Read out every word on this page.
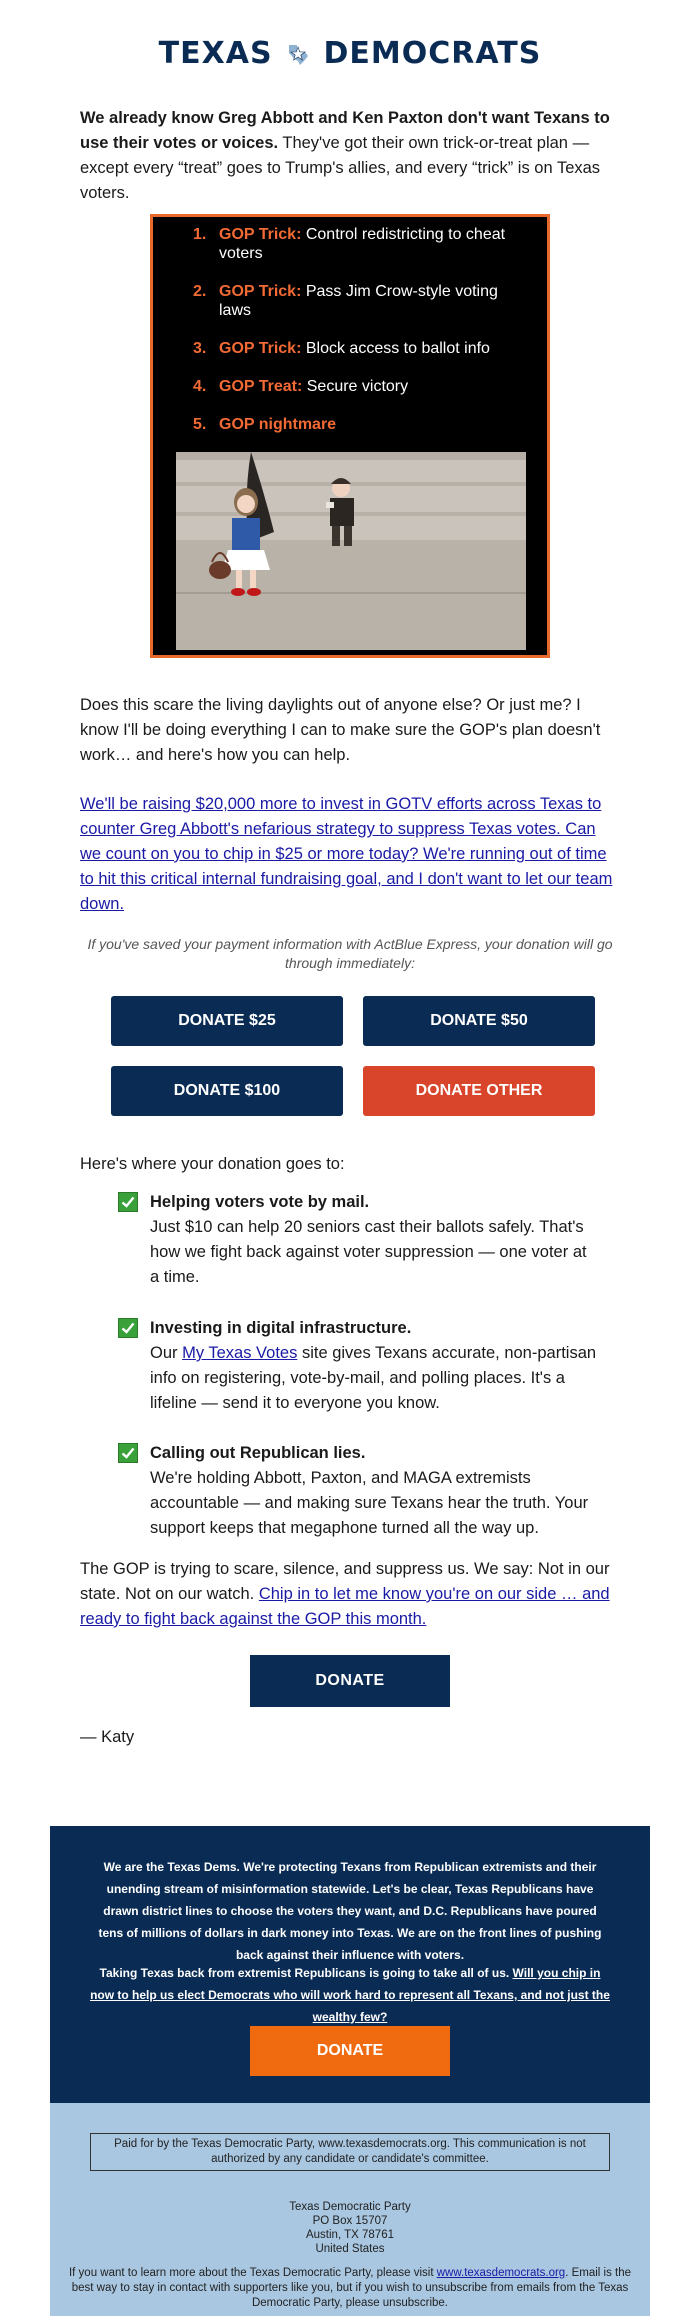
TEXAS DEMOCRATS
We already know Greg Abbott and Ken Paxton don't want Texans to use their votes or voices. They've got their own trick-or-treat plan — except every “treat” goes to Trump's allies, and every “trick” is on Texas voters.
1. GOP Trick: Control redistricting to cheat voters
2. GOP Trick: Pass Jim Crow-style voting laws
3. GOP Trick: Block access to ballot info
4. GOP Treat: Secure victory
5. GOP nightmare
Does this scare the living daylights out of anyone else? Or just me? I know I'll be doing everything I can to make sure the GOP's plan doesn't work… and here's how you can help.
We'll be raising $20,000 more to invest in GOTV efforts across Texas to counter Greg Abbott's nefarious strategy to suppress Texas votes. Can we count on you to chip in $25 or more today? We're running out of time to hit this critical internal fundraising goal, and I don't want to let our team down.
If you've saved your payment information with ActBlue Express, your donation will go through immediately:
DONATE $25	DONATE $50
DONATE $100	DONATE OTHER
Here's where your donation goes to:
Helping voters vote by mail.
Just $10 can help 20 seniors cast their ballots safely. That's how we fight back against voter suppression — one voter at a time.
Investing in digital infrastructure.
Our My Texas Votes site gives Texans accurate, non-partisan info on registering, vote-by-mail, and polling places. It's a lifeline — send it to everyone you know.
Calling out Republican lies.
We're holding Abbott, Paxton, and MAGA extremists accountable — and making sure Texans hear the truth. Your support keeps that megaphone turned all the way up.
The GOP is trying to scare, silence, and suppress us. We say: Not in our state. Not on our watch. Chip in to let me know you're on our side … and ready to fight back against the GOP this month.
DONATE
— Katy
We are the Texas Dems. We're protecting Texans from Republican extremists and their unending stream of misinformation statewide. Let's be clear, Texas Republicans have drawn district lines to choose the voters they want, and D.C. Republicans have poured tens of millions of dollars in dark money into Texas. We are on the front lines of pushing back against their influence with voters.
Taking Texas back from extremist Republicans is going to take all of us. Will you chip in now to help us elect Democrats who will work hard to represent all Texans, and not just the wealthy few?
DONATE
Paid for by the Texas Democratic Party, www.texasdemocrats.org. This communication is not authorized by any candidate or candidate's committee.
Texas Democratic Party
PO Box 15707
Austin, TX 78761
United States
If you want to learn more about the Texas Democratic Party, please visit www.texasdemocrats.org. Email is the best way to stay in contact with supporters like you, but if you wish to unsubscribe from emails from the Texas Democratic Party, please unsubscribe.
